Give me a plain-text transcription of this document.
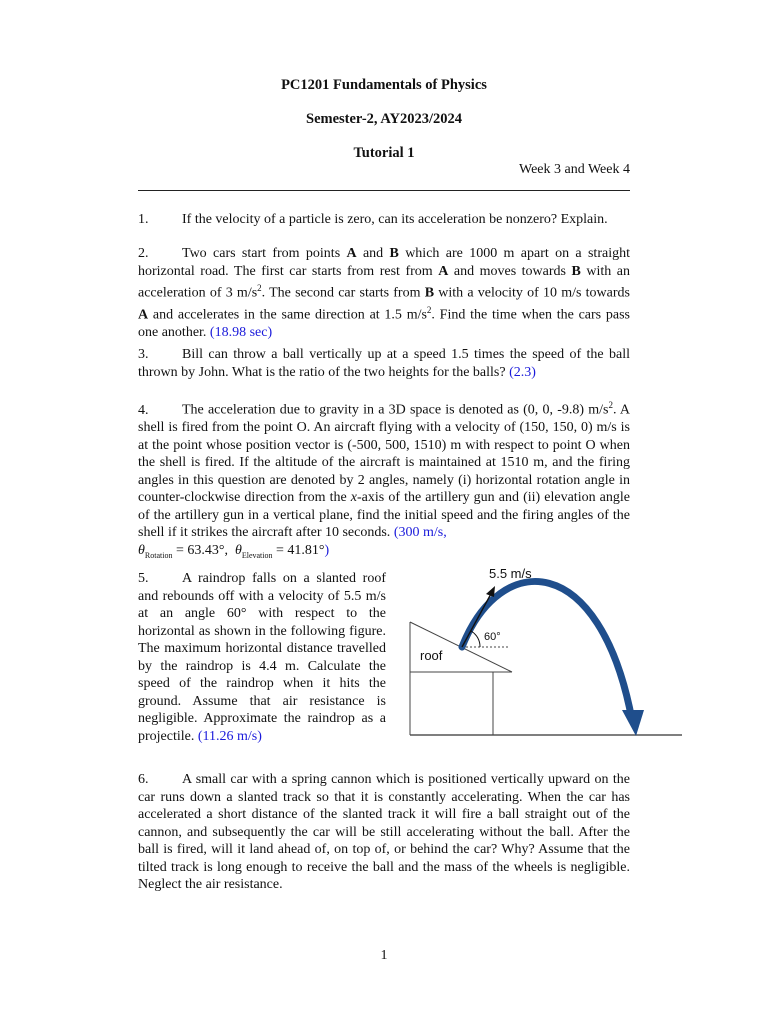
PC1201 Fundamentals of Physics
Semester-2, AY2023/2024
Tutorial 1
Week 3 and Week 4
1. If the velocity of a particle is zero, can its acceleration be nonzero? Explain.
2. Two cars start from points A and B which are 1000 m apart on a straight horizontal road. The first car starts from rest from A and moves towards B with an acceleration of 3 $m/s^2$. The second car starts from B with a velocity of 10 m/s towards A and accelerates in the same direction at 1.5 $m/s^2$. Find the time when the cars pass one another. (18.98 sec)
3. Bill can throw a ball vertically up at a speed 1.5 times the speed of the ball thrown by John. What is the ratio of the two heights for the balls? (2.3)
4. The acceleration due to gravity in a 3D space is denoted as (0, 0, -9.8) $m/s^2$. A shell is fired from the point O. An aircraft flying with a velocity of (150, 150, 0) m/s is at the point whose position vector is (-500, 500, 1510) m with respect to point O when the shell is fired. If the altitude of the aircraft is maintained at 1510 m, and the firing angles in this question are denoted by 2 angles, namely (i) horizontal rotation angle in counter-clockwise direction from the x-axis of the artillery gun and (ii) elevation angle of the artillery gun in a vertical plane, find the initial speed and the firing angles of the shell if it strikes the aircraft after 10 seconds. (300 m/s,
$\theta_{Rotation} = 63.43^\circ$, $\theta_{Elevation} = 41.81^\circ$)
5. A raindrop falls on a slanted roof and rebounds off with a velocity of 5.5 m/s at an angle 60° with respect to the horizontal as shown in the following figure. The maximum horizontal distance travelled by the raindrop is 4.4 m. Calculate the speed of the raindrop when it hits the ground. Assume that air resistance is negligible. Approximate the raindrop as a projectile. (11.26 m/s)
5.5 m/s
60°
roof
6. A small car with a spring cannon which is positioned vertically upward on the car runs down a slanted track so that it is constantly accelerating. When the car has accelerated a short distance of the slanted track it will fire a ball straight out of the cannon, and subsequently the car will be still accelerating without the ball. After the ball is fired, will it land ahead of, on top of, or behind the car? Why? Assume that the tilted track is long enough to receive the ball and the mass of the wheels is negligible. Neglect the air resistance.
1
